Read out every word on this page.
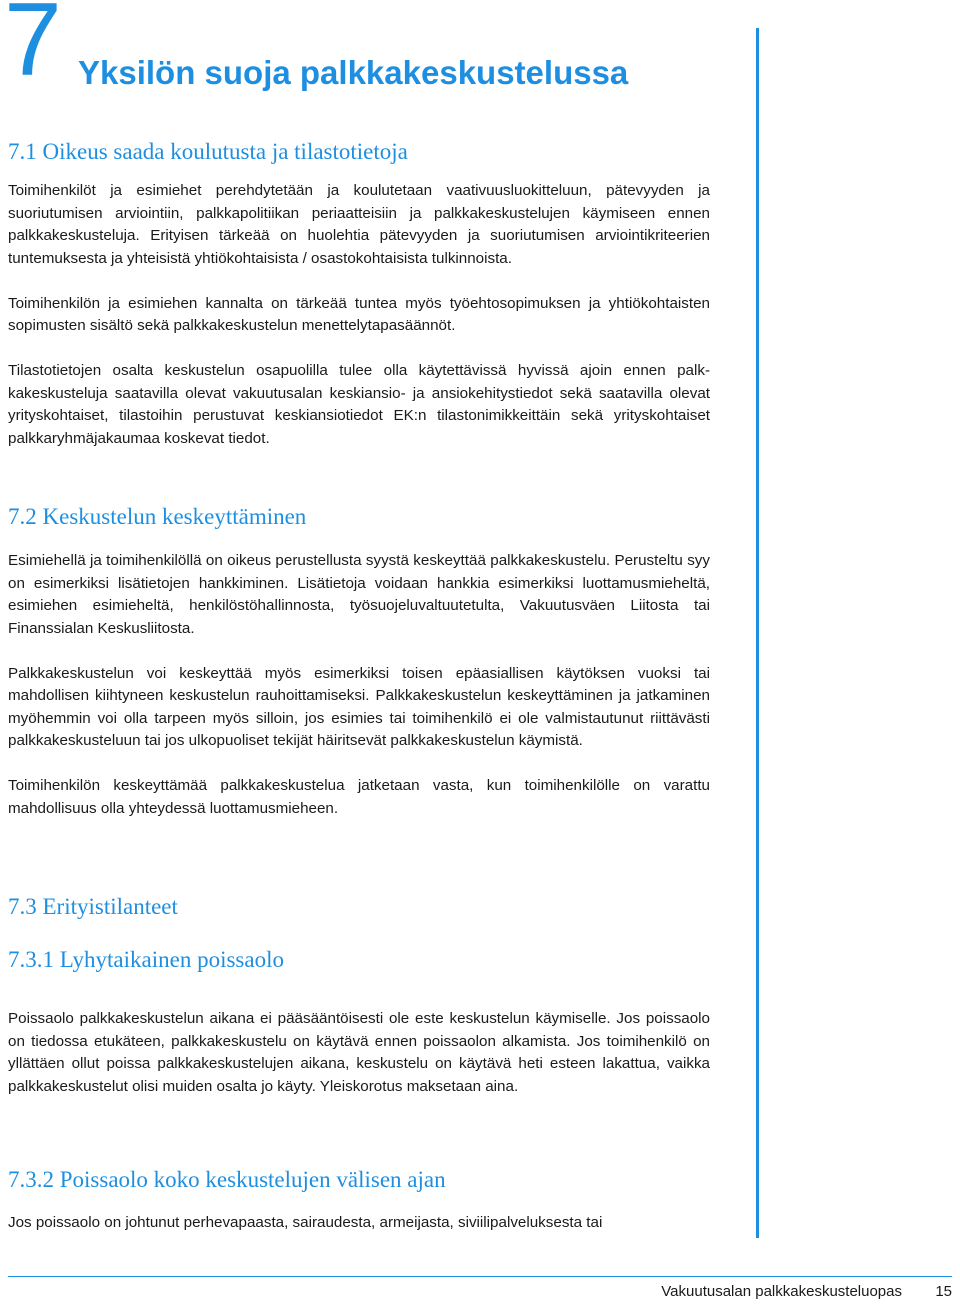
7 Yksilön suoja palkkakeskustelussa
7.1 Oikeus saada koulutusta ja tilastotietoja

Toimihenkilöt ja esimiehet perehdytetään ja koulutetaan vaativuusluokitteluun, pätevyyden ja suoriutumisen arviointiin, palkkapolitiikan periaatteisiin ja palkkakeskustelujen käymiseen ennen palkkakeskusteluja. Erityisen tärkeää on huolehtia pätevyyden ja suoriutumisen arviointikriteerien tuntemuksesta ja yhteisistä yhtiökohtaisista / osastokohtaisista tulkinnoista.

Toimihenkilön ja esimiehen kannalta on tärkeää tuntea myös työehtosopimuksen ja yhtiökohtaisten sopimusten sisältö sekä palkkakeskustelun menettelytapasäännöt.

Tilastotietojen osalta keskustelun osapuolilla tulee olla käytettävissä hyvissä ajoin ennen palkkakeskusteluja saatavilla olevat vakuutusalan keskiansio- ja ansiokehitystiedot sekä saatavilla olevat yrityskohtaiset, tilastoihin perustuvat keskiansiotiedot EK:n tilastonimikkeittäin sekä yrityskohtaiset palkkaryhmäjakaumaa koskevat tiedot.

7.2 Keskustelun keskeyttäminen

Esimiehellä ja toimihenkilöllä on oikeus perustellusta syystä keskeyttää palkkakeskustelu. Perusteltu syy on esimerkiksi lisätietojen hankkiminen. Lisätietoja voidaan hankkia esimerkiksi luottamusmieheltä, esimiehen esimieheltä, henkilöstöhallinnosta, työsuojeluvaltuutetulta, Vakuutusväen Liitosta tai Finanssialan Keskusliitosta.

Palkkakeskustelun voi keskeyttää myös esimerkiksi toisen epäasiallisen käytöksen vuoksi tai mahdollisen kiihtyneen keskustelun rauhoittamiseksi. Palkkakeskustelun keskeyttäminen ja jatkaminen myöhemmin voi olla tarpeen myös silloin, jos esimies tai toimihenkilö ei ole valmistautunut riittävästi palkkakeskusteluun tai jos ulkopuoliset tekijät häiritsevät palkkakeskustelun käymistä.

Toimihenkilön keskeyttämää palkkakeskustelua jatketaan vasta, kun toimihenkilölle on varattu mahdollisuus olla yhteydessä luottamusmieheen.

7.3 Erityistilanteet
7.3.1 Lyhytaikainen poissaolo

Poissaolo palkkakeskustelun aikana ei pääsääntöisesti ole este keskustelun käymiselle. Jos poissaolo on tiedossa etukäteen, palkkakeskustelu on käytävä ennen poissaolon alkamista. Jos toimihenkilö on yllättäen ollut poissa palkkakeskustelujen aikana, keskustelu on käytävä heti esteen lakattua, vaikka palkkakeskustelut olisi muiden osalta jo käyty. Yleiskorotus maksetaan aina.

7.3.2 Poissaolo koko keskustelujen välisen ajan

Jos poissaolo on johtunut perhevapaasta, sairaudesta, armeijasta, siviilipalveluksesta tai

Vakuutusalan palkkakeskusteluopas 15
